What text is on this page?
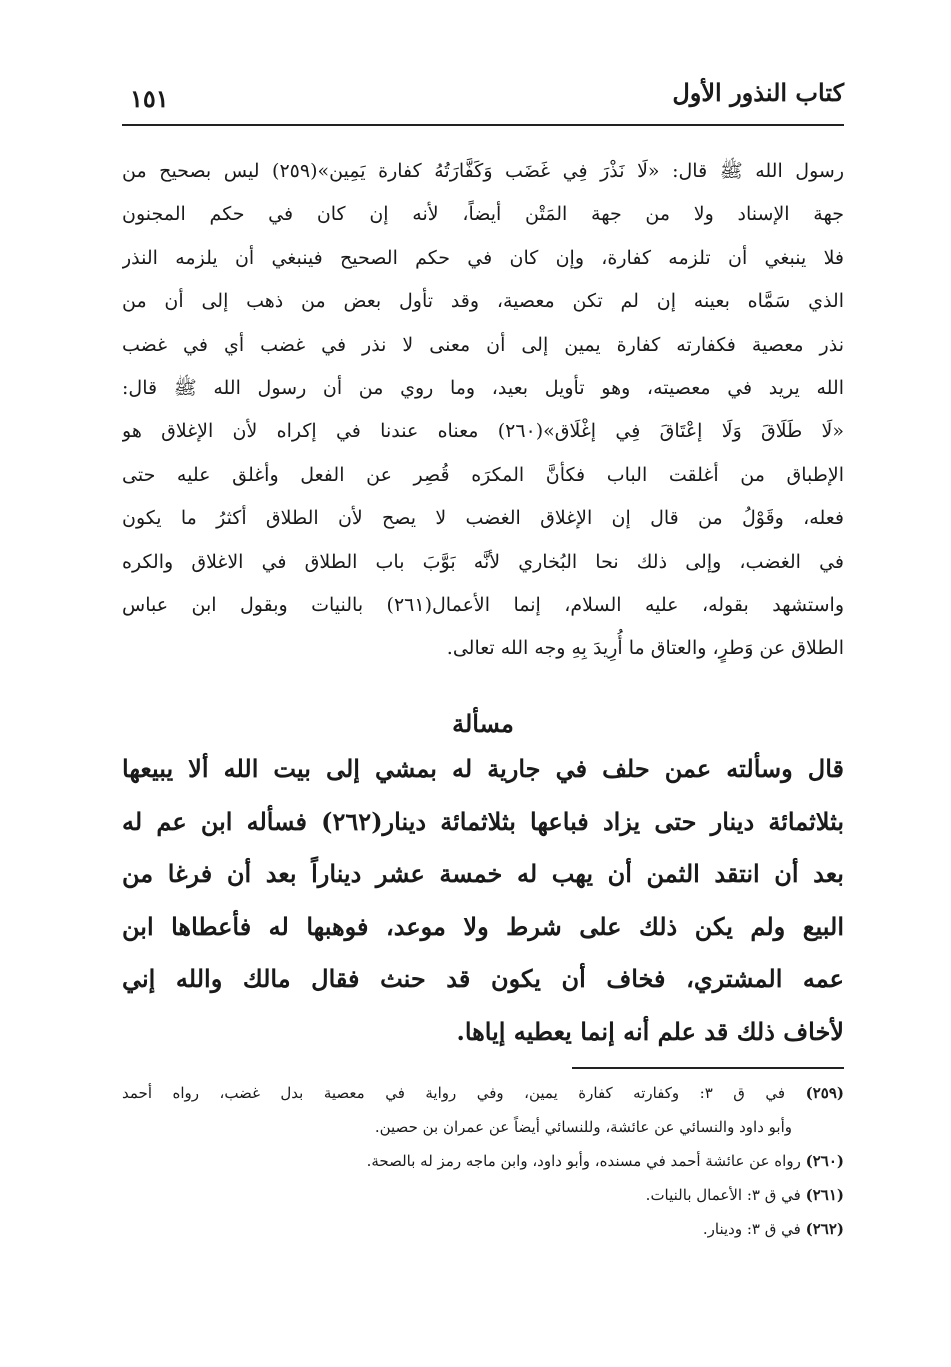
كتاب النذور الأول
١٥١
رسول الله ﷺ قال: «لَا نَذْرَ فِي غَضَب وَكَفَّارَتُهُ كفارة يَمِين»(٢٥٩) ليس بصحيح من
جهة الإسناد ولا من جهة المَتْن أيضاً، لأنه إن كان في حكم المجنون
فلا ينبغي أن تلزمه كفارة، وإن كان في حكم الصحيح فينبغي أن يلزمه النذر
الذي سَمَّاه بعينه إن لم تكن معصية، وقد تأول بعض من ذهب إلى أن من
نذر معصية فكفارته كفارة يمين إلى أن معنى لا نذر في غضب أي في غضب
الله يريد في معصيته، وهو تأويل بعيد، وما روي من أن رسول الله ﷺ قال:
«لَا طَلَاقَ وَلَا إعْتَاقَ فِي إغْلَاق»(٢٦٠) معناه عندنا في إكراه لأن الإغلاق هو
الإطباق من أغلقت الباب فكأنَّ المكرَه قُصِر عن الفعل وأغلق عليه حتى
فعله، وقَوْلُ من قال إن الإغلاق الغضب لا يصح لأن الطلاق أكثرُ ما يكون
في الغضب، وإلى ذلك نحا البُخاري لأنَّه بَوَّبَ باب الطلاق في الاغلاق والكره
واستشهد بقوله، عليه السلام، إنما الأعمال(٢٦١) بالنيات وبقول ابن عباس
الطلاق عن وَطرٍ، والعتاق ما أُرِيدَ بِهِ وجه الله تعالى.
مسألة
قال وسألته عمن حلف في جارية له بمشي إلى بيت الله ألا يبيعها
بثلاثمائة دينار حتى يزاد فباعها بثلاثمائة دينار(٢٦٢) فسأله ابن عم له
بعد أن انتقد الثمن أن يهب له خمسة عشر ديناراً بعد أن فرغا من
البيع ولم يكن ذلك على شرط ولا موعد، فوهبها له فأعطاها ابن
عمه المشتري، فخاف أن يكون قد حنث فقال مالك والله إني
لأخاف ذلك قد علم أنه إنما يعطيه إياها.
(٢٥٩) في ق ٣: وكفارته كفارة يمين، وفي رواية في معصية بدل غضب، رواه أحمد
وأبو داود والنسائي عن عائشة، وللنسائي أيضاً عن عمران بن حصين.
(٢٦٠) رواه عن عائشة أحمد في مسنده، وأبو داود، وابن ماجه رمز له بالصحة.
(٢٦١) في ق ٣: الأعمال بالنيات.
(٢٦٢) في ق ٣: ودينار.
